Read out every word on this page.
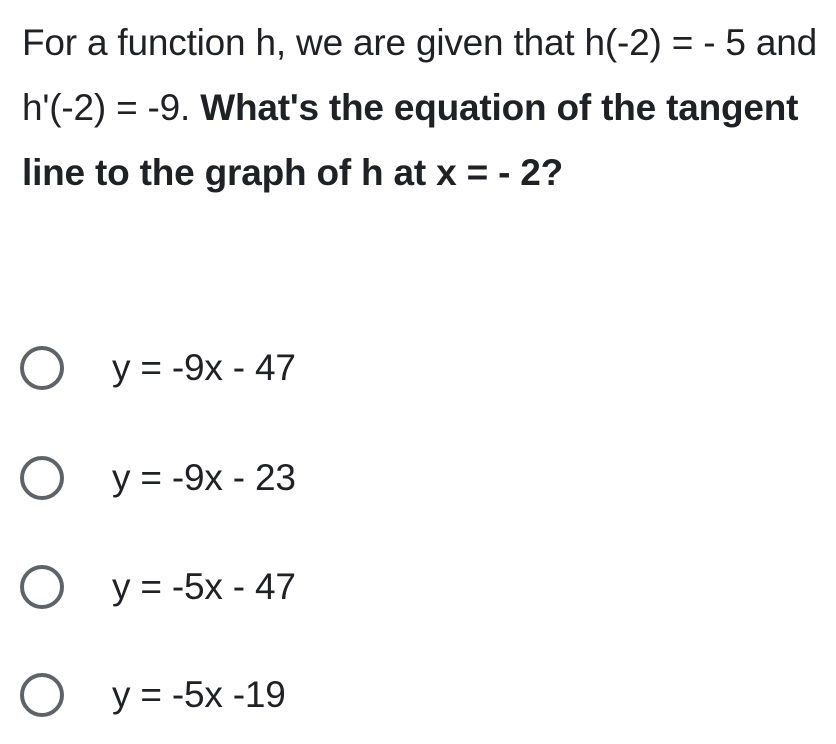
For a function h, we are given that h(-2) = - 5 and h'(-2) = -9. What's the equation of the tangent line to the graph of h at x = - 2?

y = -9x - 47
y = -9x - 23
y = -5x - 47
y = -5x -19
